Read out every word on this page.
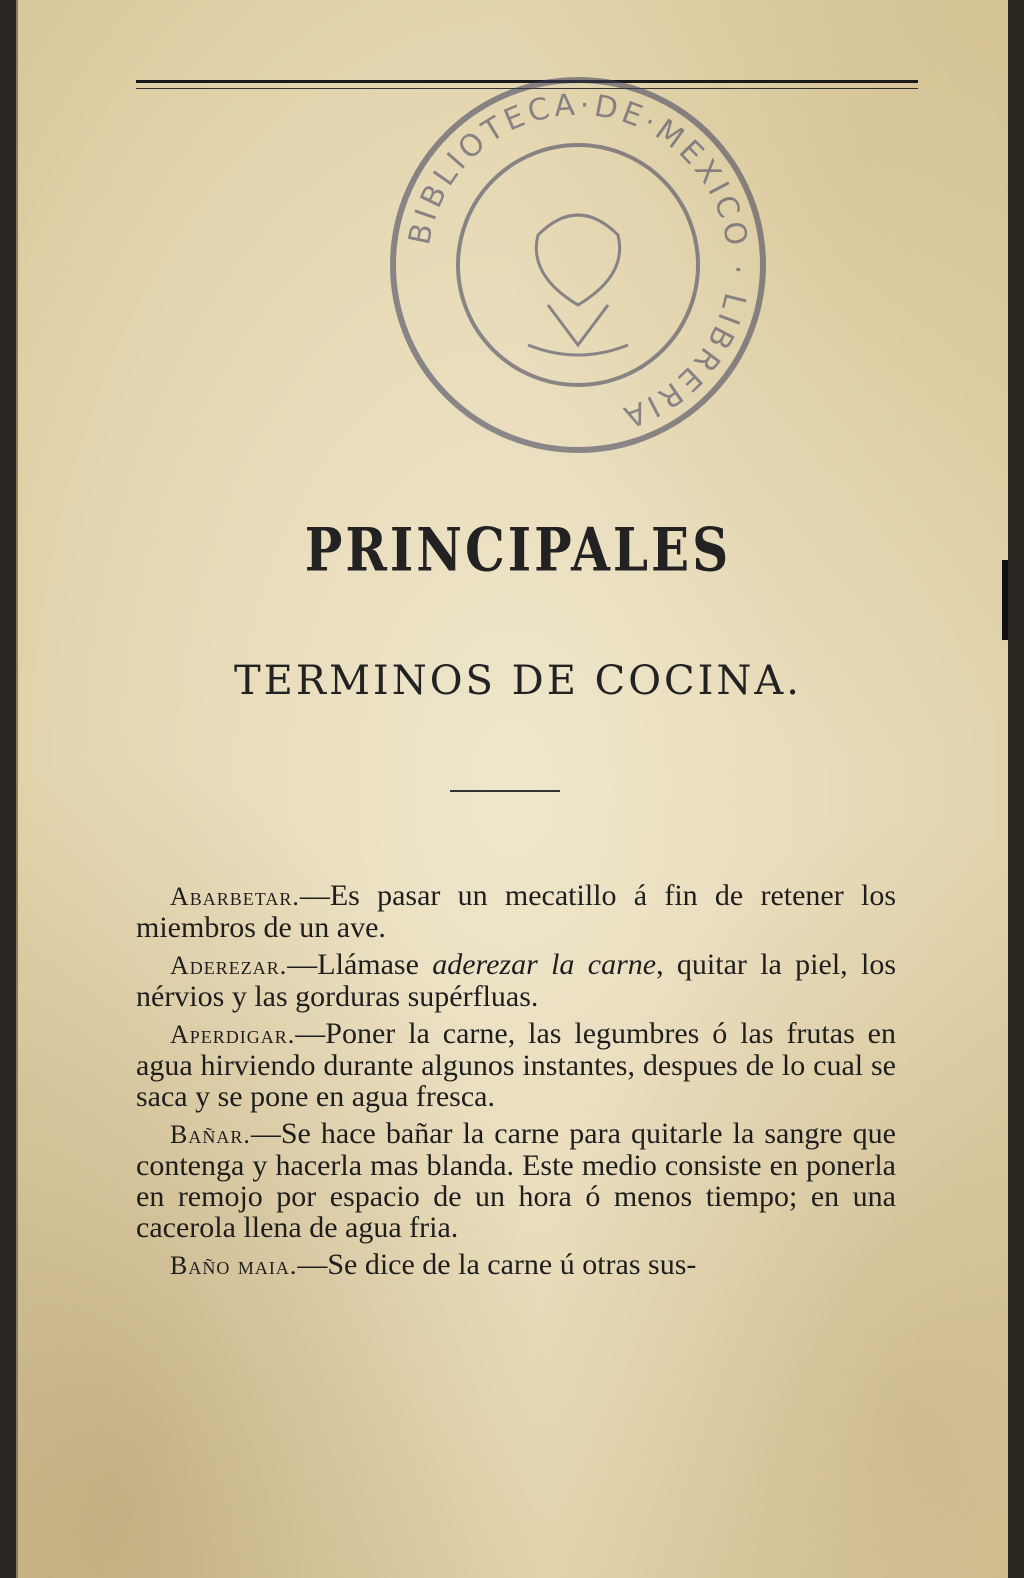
BIBLIOTECA·DE·MEXICO · LIBRERIA
PRINCIPALES
TERMINOS DE COCINA.

Abarbetar.—Es pasar un mecatillo á fin de retener los miembros de un ave.

Aderezar.—Llámase aderezar la carne, quitar la piel, los nérvios y las gorduras supérfluas.

Aperdigar.—Poner la carne, las legumbres ó las frutas en agua hirviendo durante algunos instantes, despues de lo cual se saca y se pone en agua fresca.

Bañar.—Se hace bañar la carne para quitarle la sangre que contenga y hacerla mas blanda. Este medio consiste en ponerla en remojo por espacio de un hora ó menos tiempo; en una cacerola llena de agua fria.

Baño maia.—Se dice de la carne ú otras sus-
